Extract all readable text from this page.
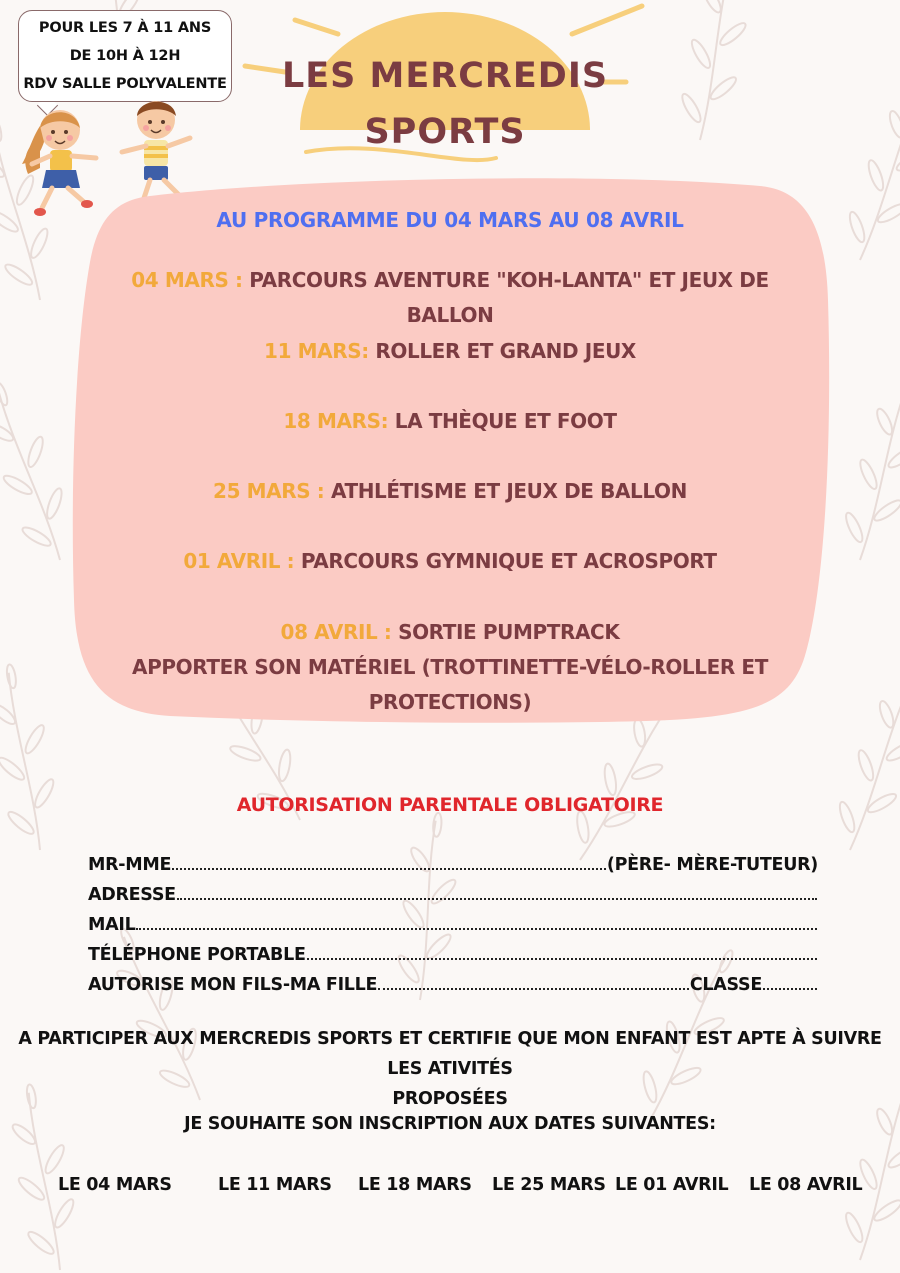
POUR LES 7 À 11 ANS
DE 10H À 12H
RDV SALLE POLYVALENTE LES MERCREDIS
SPORTS
AU PROGRAMME DU 04 MARS AU 08 AVRIL
04 MARS : PARCOURS AVENTURE "KOH-LANTA" ET JEUX DE BALLON
11 MARS: ROLLER ET GRAND JEUX
18 MARS: LA THÈQUE ET FOOT
25 MARS : ATHLÉTISME ET JEUX DE BALLON
01 AVRIL : PARCOURS GYMNIQUE ET ACROSPORT
08 AVRIL : SORTIE PUMPTRACK
APPORTER SON MATÉRIEL (TROTTINETTE-VÉLO-ROLLER ET
PROTECTIONS)
AUTORISATION PARENTALE OBLIGATOIRE
MR-MME	(PÈRE- MÈRE-TUTEUR)
ADRESSE
MAIL
TÉLÉPHONE PORTABLE
AUTORISE MON FILS-MA FILLE	CLASSE
A PARTICIPER AUX MERCREDIS SPORTS ET CERTIFIE QUE MON ENFANT EST APTE À SUIVRE LES ATIVITÉS
PROPOSÉES
JE SOUHAITE SON INSCRIPTION AUX DATES SUIVANTES:
LE 04 MARS	LE 11 MARS LE 18 MARS LE 25 MARS LE 01 AVRIL LE 08 AVRIL
